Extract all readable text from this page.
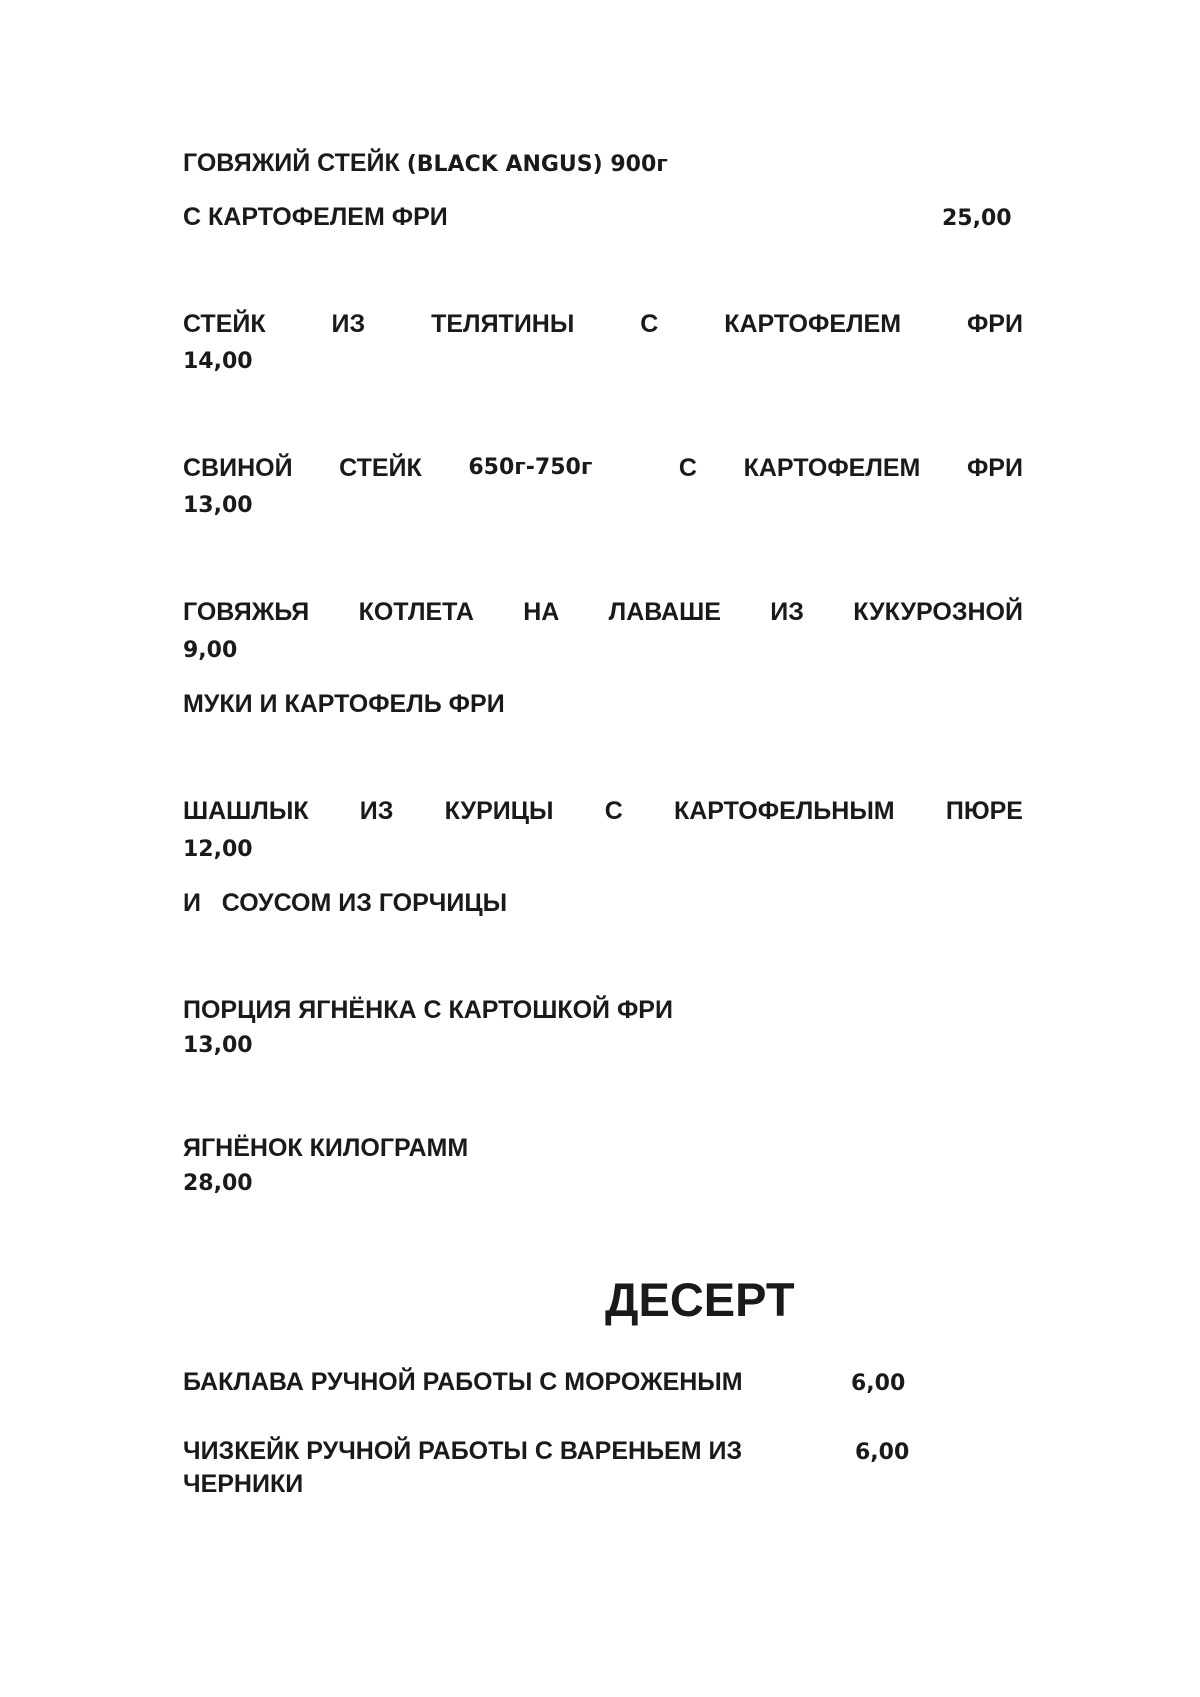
ГОВЯЖИЙ СТЕЙК (BLACK ANGUS) 900г
С КАРТОФЕЛЕМ ФРИ	25,00
СТЕЙК	ИЗ	ТЕЛЯТИНЫ	С	КАРТОФЕЛЕМ	ФРИ
14,00
СВИНОЙ СТЕЙК 650г-750г	С КАРТОФЕЛЕМ ФРИ
13,00
ГОВЯЖЬЯ КОТЛЕТА НА ЛАВАШЕ ИЗ КУКУРОЗНОЙ
9,00
МУКИ И КАРТОФЕЛЬ ФРИ
ШАШЛЫК ИЗ КУРИЦЫ С КАРТОФЕЛЬНЫМ ПЮРЕ
12,00
И   СОУСОМ ИЗ ГОРЧИЦЫ
ПОРЦИЯ ЯГНЁНКА С КАРТОШКОЙ ФРИ
13,00
ЯГНЁНОК КИЛОГРАММ
28,00
ДЕСЕРТ
БАКЛАВА РУЧНОЙ РАБОТЫ С МОРОЖЕНЫМ	6,00
ЧИЗКЕЙК РУЧНОЙ РАБОТЫ С ВАРЕНЬЕМ ИЗ	6,00
ЧЕРНИКИ
